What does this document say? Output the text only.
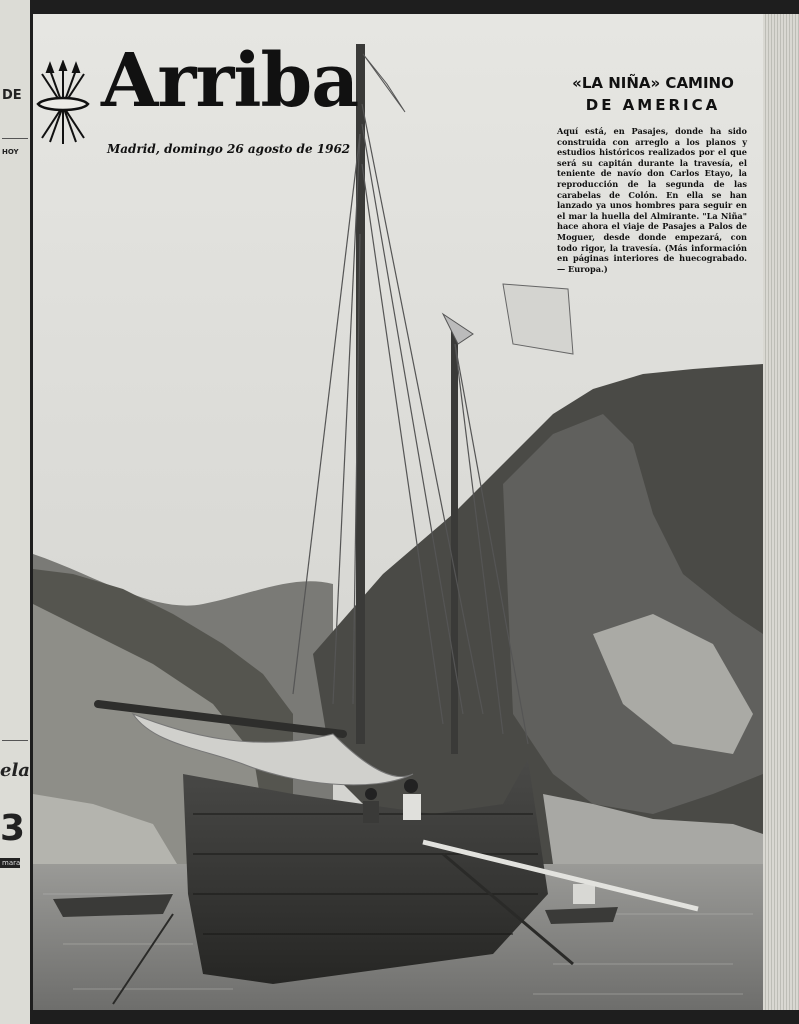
DE
HOY
ela
3
mara
Arriba
Madrid, domingo 26 agosto de 1962
«LA NIÑA» CAMINO
DE AMERICA
Aquí está, en Pasajes, donde ha sido construida con arreglo a los planos y estudios históricos realizados por el que será su capitán durante la travesía, el teniente de navío don Carlos Etayo, la reproducción de la segunda de las carabelas de Colón. En ella se han lanzado ya unos hombres para seguir en el mar la huella del Almirante. "La Niña" hace ahora el viaje de Pasajes a Palos de Moguer, desde donde empezará, con todo rigor, la travesía. (Más información en páginas interiores de huecograbado. — Europa.)
